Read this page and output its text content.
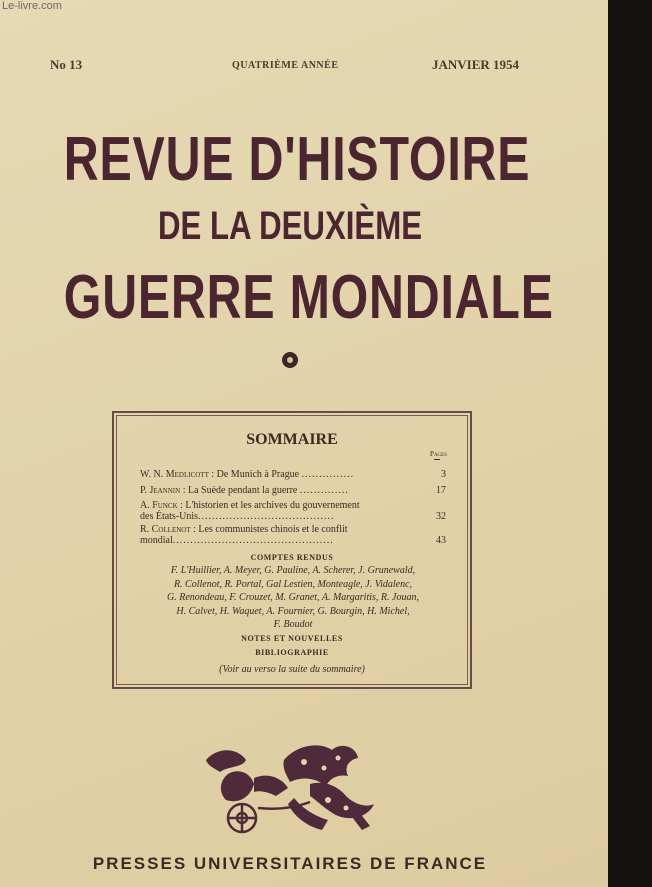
Le-livre.com
No 13	QUATRIÈME ANNÉE	JANVIER 1954
REVUE D'HISTOIRE
DE LA DEUXIÈME
GUERRE MONDIALE
SOMMAIRE
Pages
W. N. Medlicott : De Munich à Prague ...............	3
P. Jeannin : La Suède pendant la guerre ..............	17
A. Funck : L'historien et les archives du gouvernement
des États-Unis.......................................	32
R. Collenot : Les communistes chinois et le conflit
mondial..............................................	43
COMPTES RENDUS
F. L'Huillier, A. Meyer, G. Pauline, A. Scherer, J. Grunewald,
R. Collenot, R. Portal, Gal Lestien, Monteagle, J. Vidalenc,
G. Renondeau, F. Crouzet, M. Granet, A. Margaritis, R. Jouan,
H. Calvet, H. Waquet, A. Fournier, G. Bourgin, H. Michel,
F. Boudot
NOTES ET NOUVELLES
BIBLIOGRAPHIE
(Voir au verso la suite du sommaire)
PRESSES UNIVERSITAIRES DE FRANCE
